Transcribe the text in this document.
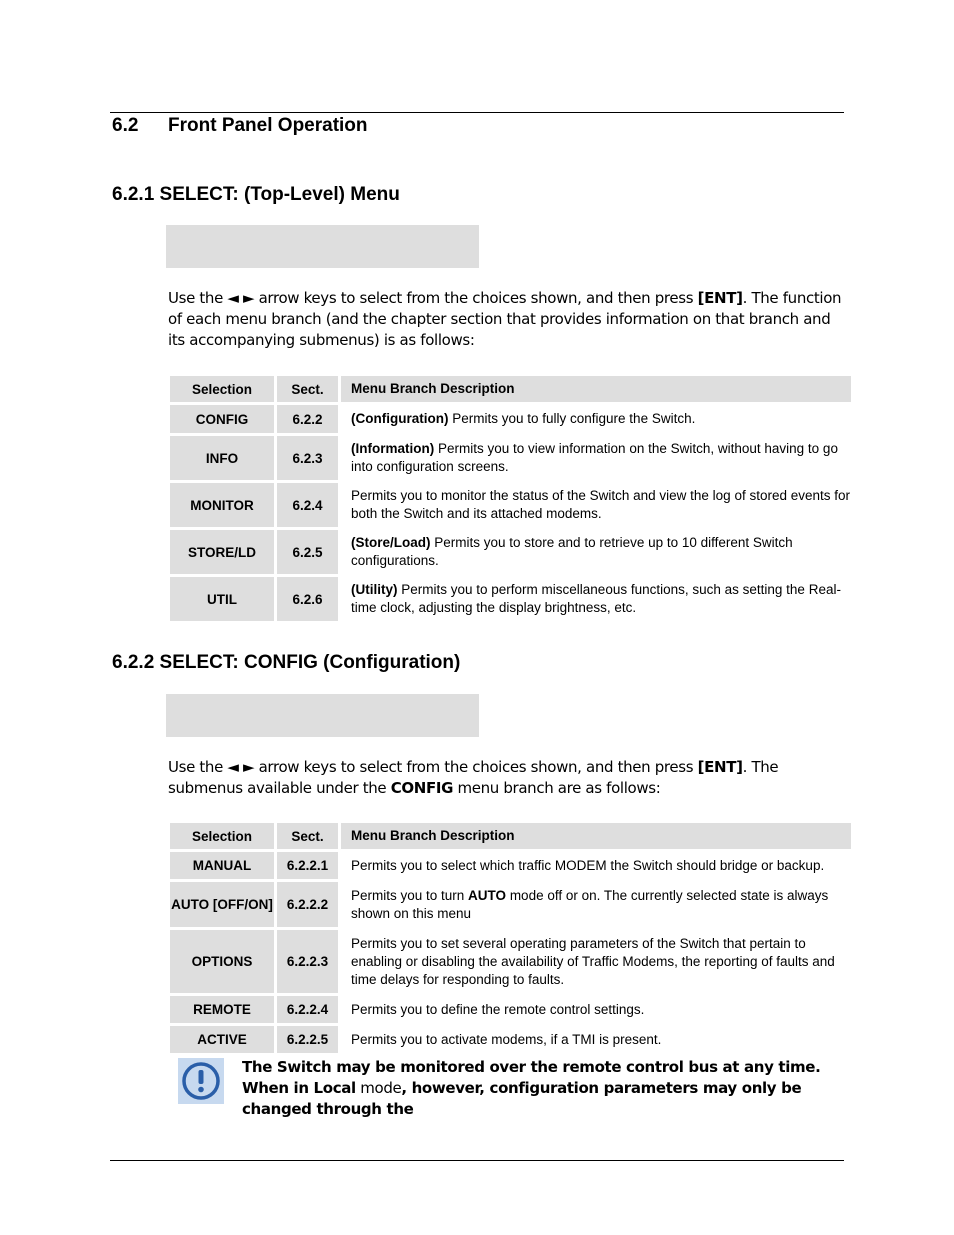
6.2 Front Panel Operation
6.2.1 SELECT: (Top-Level) Menu
Use the ◄ ► arrow keys to select from the choices shown, and then press [ENT]. The function of each menu branch (and the chapter section that provides information on that branch and its accompanying submenus) is as follows:
Selection	Sect.	Menu Branch Description
CONFIG	6.2.2	(Configuration) Permits you to fully configure the Switch.
INFO	6.2.3	(Information) Permits you to view information on the Switch, without having to go into configuration screens.
MONITOR	6.2.4	Permits you to monitor the status of the Switch and view the log of stored events for both the Switch and its attached modems.
STORE/LD	6.2.5	(Store/Load) Permits you to store and to retrieve up to 10 different Switch configurations.
UTIL	6.2.6	(Utility) Permits you to perform miscellaneous functions, such as setting the Real-time clock, adjusting the display brightness, etc.
6.2.2 SELECT: CONFIG (Configuration)
Use the ◄ ► arrow keys to select from the choices shown, and then press [ENT]. The submenus available under the CONFIG menu branch are as follows:
Selection	Sect.	Menu Branch Description
MANUAL	6.2.2.1	Permits you to select which traffic MODEM the Switch should bridge or backup.
AUTO [OFF/ON]	6.2.2.2	Permits you to turn AUTO mode off or on. The currently selected state is always shown on this menu
OPTIONS	6.2.2.3	Permits you to set several operating parameters of the Switch that pertain to enabling or disabling the availability of Traffic Modems, the reporting of faults and time delays for responding to faults.
REMOTE	6.2.2.4	Permits you to define the remote control settings.
ACTIVE	6.2.2.5	Permits you to activate modems, if a TMI is present.
The Switch may be monitored over the remote control bus at any time. When in Local mode, however, configuration parameters may only be changed through the
